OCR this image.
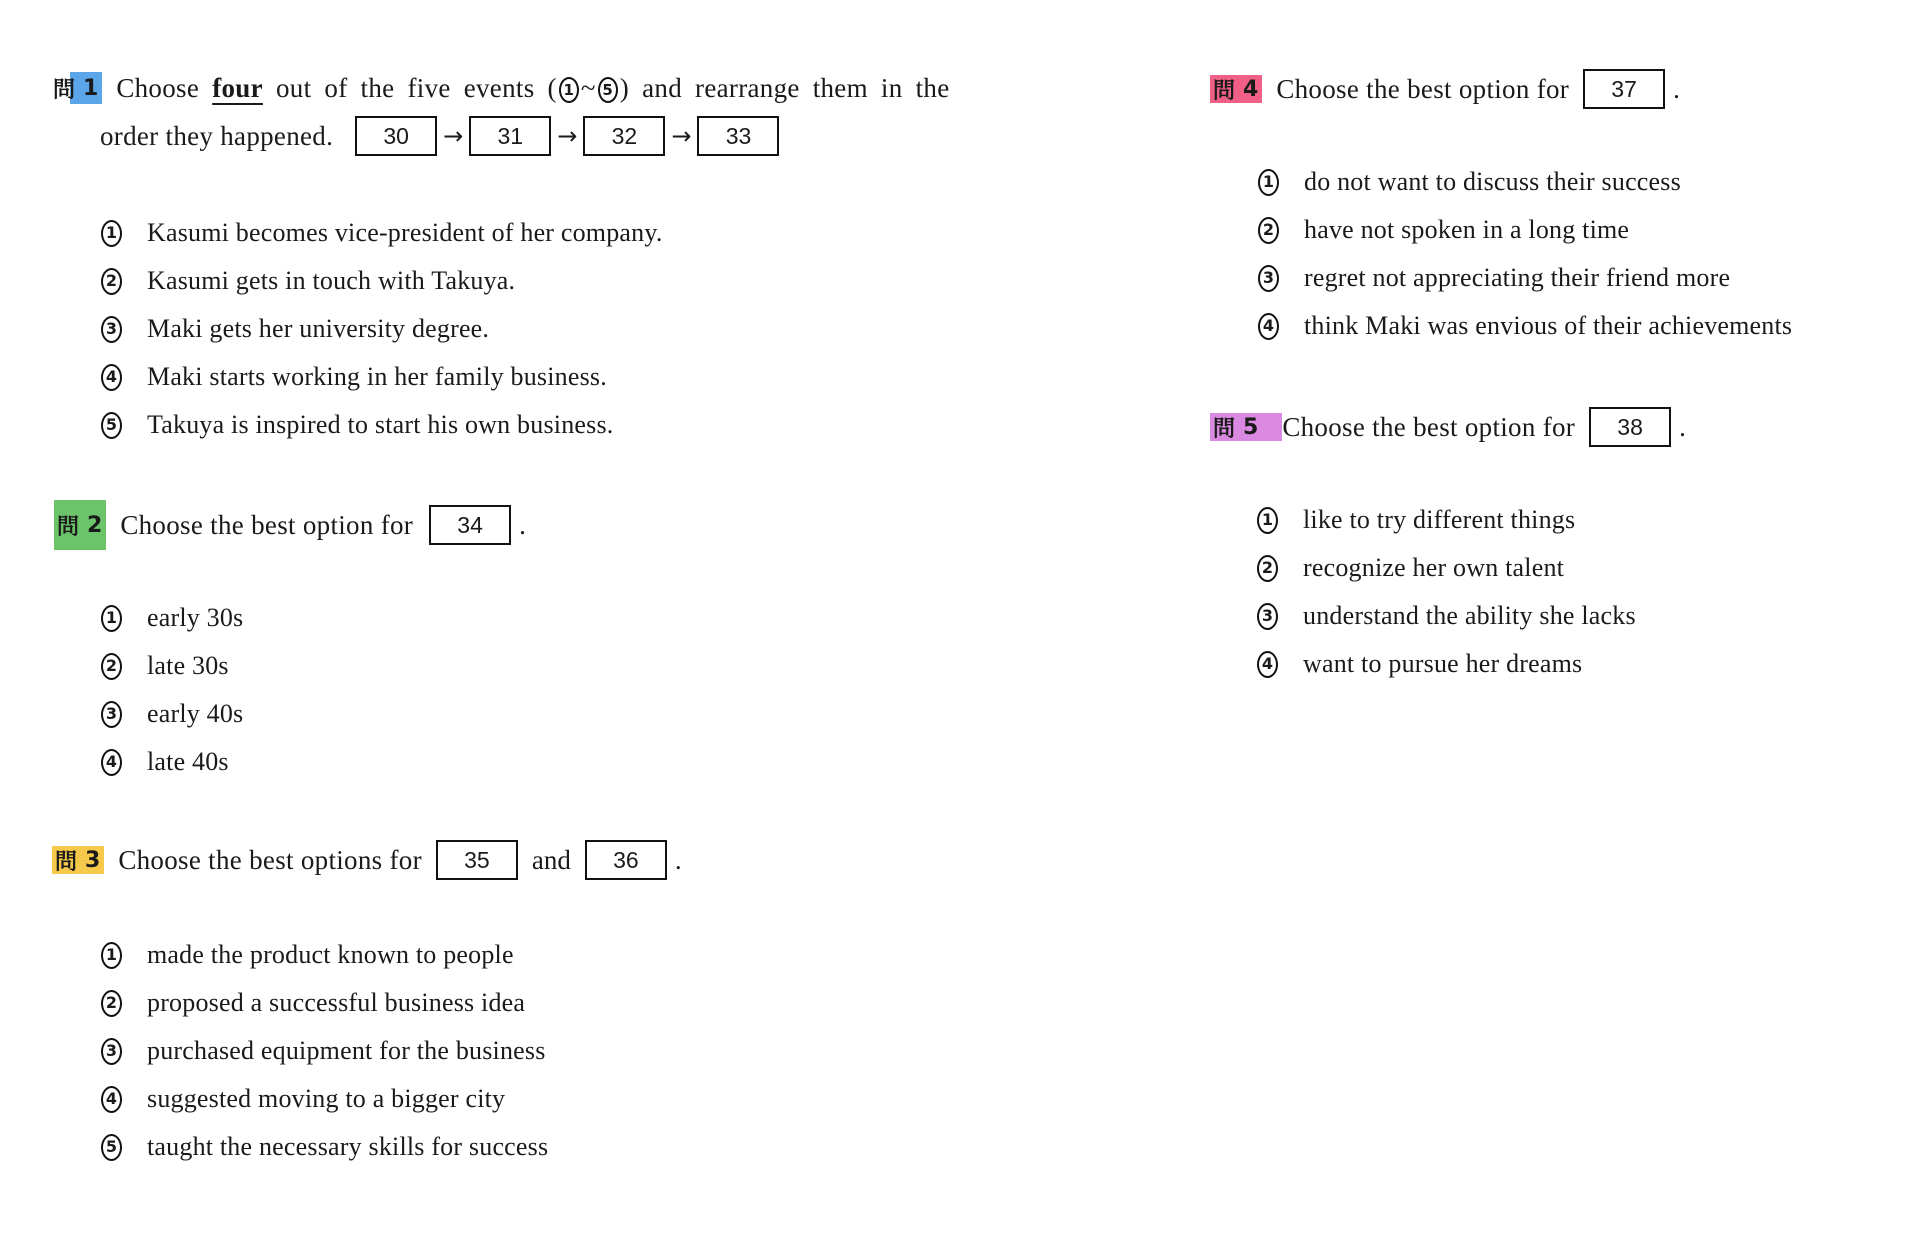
問 1 Choose four out of the five events ( 1 ~ 5 ) and rearrange them in the
order they happened.	30	→	31	→	32	→	33
1 Kasumi becomes vice-president of her company.
2 Kasumi gets in touch with Takuya.
3 Maki gets her university degree.
4 Maki starts working in her family business.
5 Takuya is inspired to start his own business.
問 2 Choose the best option for	34	.
1 early 30s
2 late 30s
3 early 40s
4 late 40s
問 3 Choose the best options for	35	and	36	.
1 made the product known to people
2 proposed a successful business idea
3 purchased equipment for the business
4 suggested moving to a bigger city
5 taught the necessary skills for success
問 4 Choose the best option for	37	.
1 do not want to discuss their success
2 have not spoken in a long time
3 regret not appreciating their friend more
4 think Maki was envious of their achievements
問 5 Choose the best option for	38	.
1 like to try different things
2 recognize her own talent
3 understand the ability she lacks
4 want to pursue her dreams
